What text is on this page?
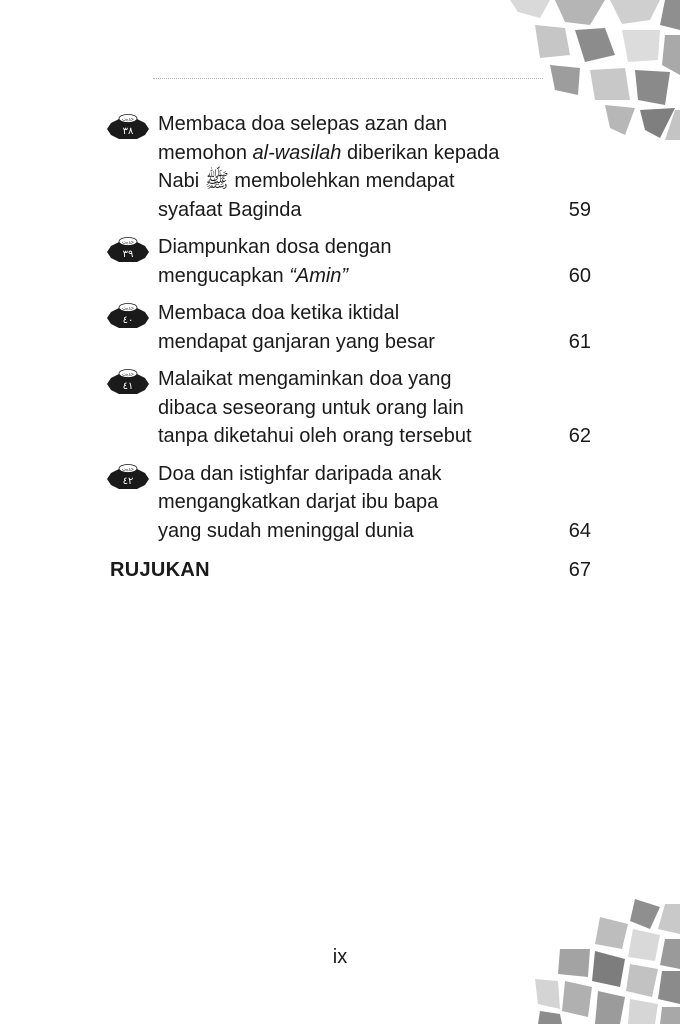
حديث
٣٨ Membaca doa selepas azan dan
memohon al-wasilah diberikan kepada
Nabi ﷺ membolehkan mendapat
syafaat Baginda	59
حديث
٣٩ Diampunkan dosa dengan
mengucapkan “Amin”	60
حديث
٤٠ Membaca doa ketika iktidal
mendapat ganjaran yang besar	61
حديث
٤١ Malaikat mengaminkan doa yang
dibaca seseorang untuk orang lain
tanpa diketahui oleh orang tersebut	62
حديث
٤٢ Doa dan istighfar daripada anak
mengangkatkan darjat ibu bapa
yang sudah meninggal dunia	64
RUJUKAN	67
ix
